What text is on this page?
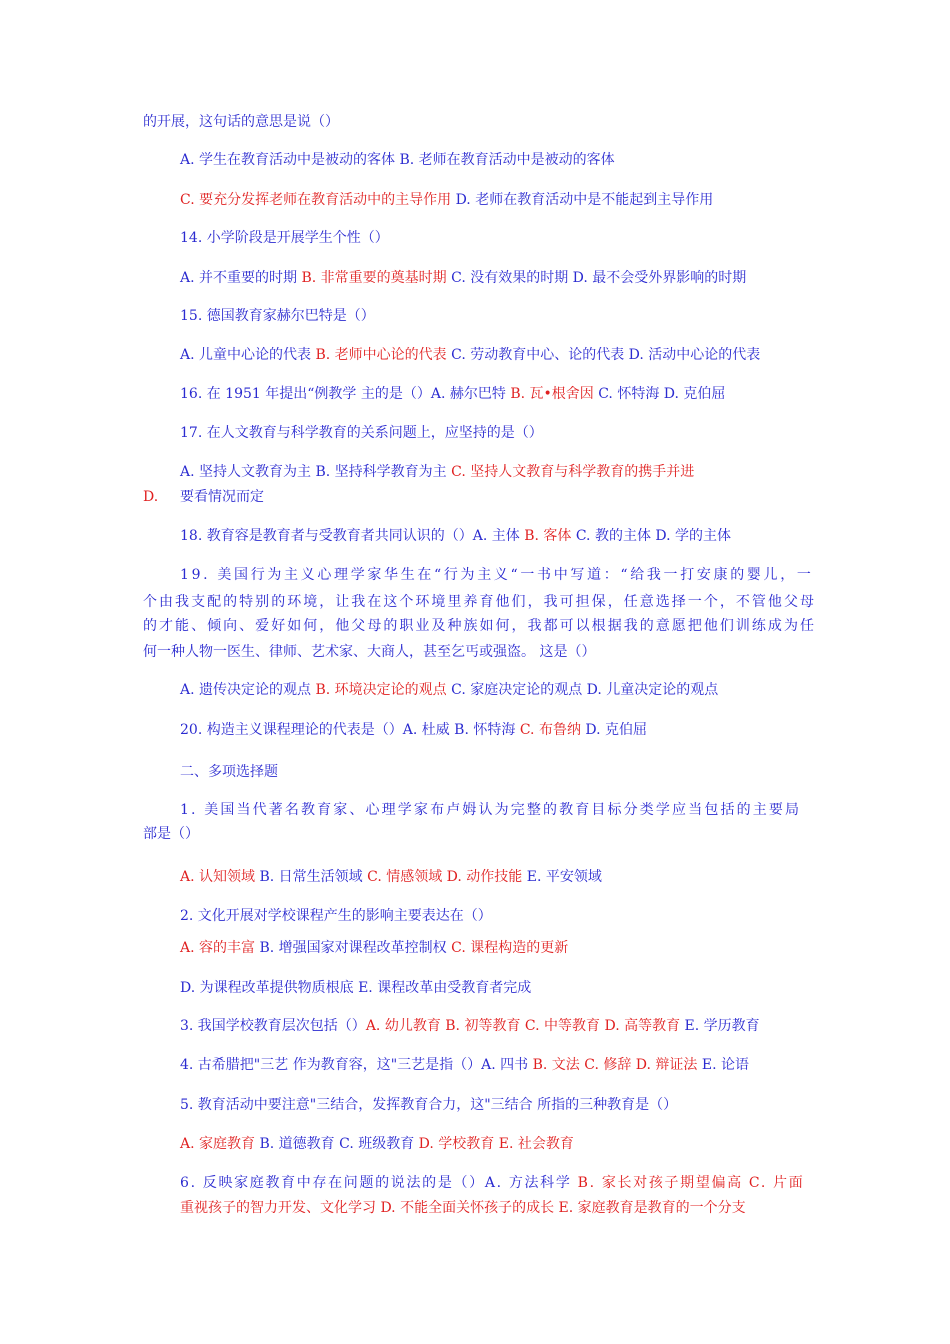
的开展，这句话的意思是说（）
A. 学生在教育活动中是被动的客体 B. 老师在教育活动中是被动的客体
C. 要充分发挥老师在教育活动中的主导作用 D. 老师在教育活动中是不能起到主导作用
14. 小学阶段是开展学生个性（）
A. 并不重要的时期 B. 非常重要的奠基时期 C. 没有效果的时期 D. 最不会受外界影响的时期
15. 德国教育家赫尔巴特是（）
A. 儿童中心论的代表 B. 老师中心论的代表 C. 劳动教育中心、论的代表 D. 活动中心论的代表
16. 在 1951 年提出“例教学 主的是（）A. 赫尔巴特 B. 瓦•根舍因 C. 怀特海 D. 克伯屈
17. 在人文教育与科学教育的关系问题上，应坚持的是（）
A. 坚持人文教育为主 B. 坚持科学教育为主 C. 坚持人文教育与科学教育的携手并进
D. 要看情况而定
18. 教育容是教育者与受教育者共同认识的（）A. 主体 B. 客体 C. 教的主体 D. 学的主体
19. 美国行为主义心理学家华生在“行为主义“一书中写道：“给我一打安康的婴儿，一
个由我支配的特别的环境，让我在这个环境里养育他们，我可担保，任意选择一个，不管他父母
的才能、倾向、爱好如何，他父母的职业及种族如何，我都可以根据我的意愿把他们训练成为任
何一种人物一医生、律师、艺术家、大商人，甚至乞丐或强盗。 这是（）
A. 遗传决定论的观点 B. 环境决定论的观点 C. 家庭决定论的观点 D. 儿童决定论的观点
20. 构造主义课程理论的代表是（）A. 杜威 B. 怀特海 C. 布鲁纳 D. 克伯屈
二、多项选择题
1. 美国当代著名教育家、心理学家布卢姆认为完整的教育目标分类学应当包括的主要局
部是（）
A. 认知领域 B. 日常生活领域 C. 情感领域 D. 动作技能 E. 平安领域
2. 文化开展对学校课程产生的影响主要表达在（）
A. 容的丰富 B. 增强国家对课程改革控制权 C. 课程构造的更新
D. 为课程改革提供物质根底 E. 课程改革由受教育者完成
3. 我国学校教育层次包括（）A. 幼儿教育 B. 初等教育 C. 中等教育 D. 高等教育 E. 学历教育
4. 古希腊把"三艺 作为教育容，这"三艺是指（）A. 四书 B. 文法 C. 修辞 D. 辩证法 E. 论语
5. 教育活动中要注意"三结合，发挥教育合力，这"三结合 所指的三种教育是（）
A. 家庭教育 B. 道德教育 C. 班级教育 D. 学校教育 E. 社会教育
6. 反映家庭教育中存在问题的说法的是（）A. 方法科学 B. 家长对孩子期望偏高 C. 片面
重视孩子的智力开发、文化学习 D. 不能全面关怀孩子的成长 E. 家庭教育是教育的一个分支
